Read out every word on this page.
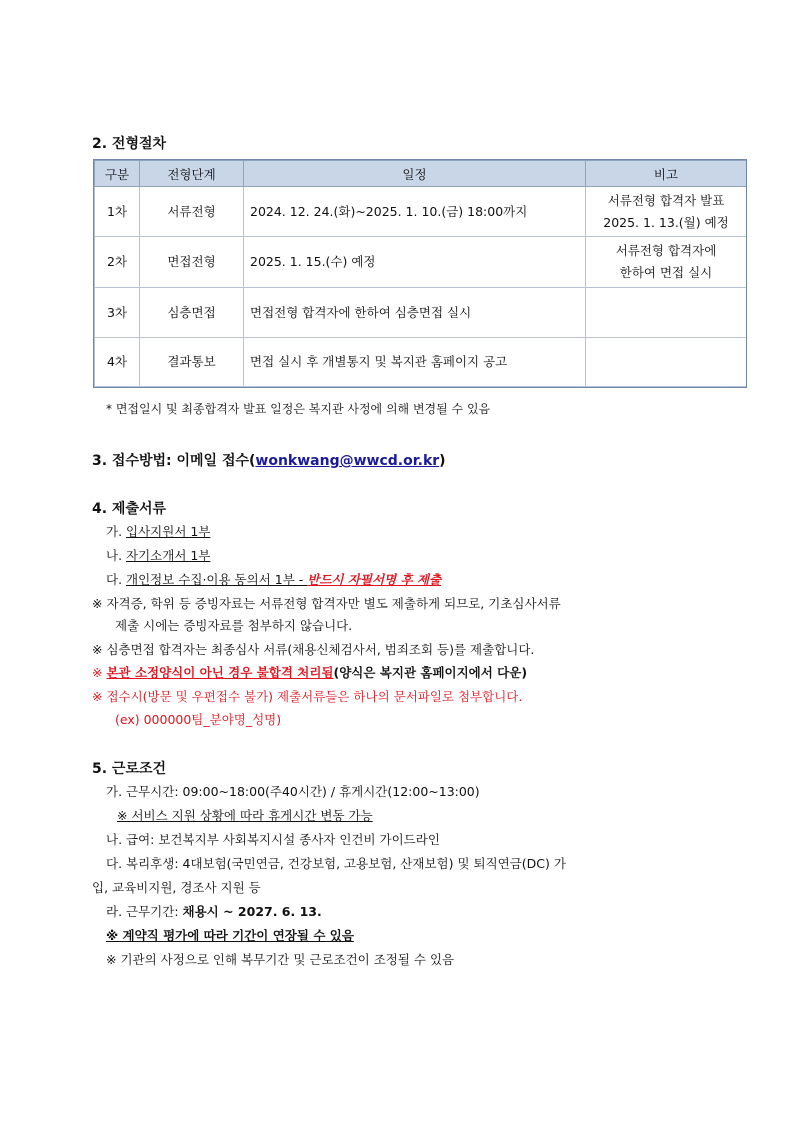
2. 전형절차
구분	전형단계	일정	비고
1차	서류전형	2024. 12. 24.(화)~2025. 1. 10.(금) 18:00까지	서류전형 합격자 발표
2025. 1. 13.(월) 예정

2차	면접전형	2025. 1. 15.(수) 예정	서류전형 합격자에
한하여 면접 실시

3차	심층면접	면접전형 합격자에 한하여 심층면접 실시	

4차	결과통보	면접 실시 후 개별통지 및 복지관 홈페이지 공고	
* 면접일시 및 최종합격자 발표 일정은 복지관 사정에 의해 변경될 수 있음
3. 접수방법: 이메일 접수(wonkwang@wwcd.or.kr)
4. 제출서류
가. 입사지원서 1부
나. 자기소개서 1부
다. 개인정보 수집·이용 동의서 1부 - 반드시 자필서명 후 제출
※ 자격증, 학위 등 증빙자료는 서류전형 합격자만 별도 제출하게 되므로, 기초심사서류
제출 시에는 증빙자료를 첨부하지 않습니다.
※ 심층면접 합격자는 최종심사 서류(채용신체검사서, 범죄조회 등)를 제출합니다.
※ 본관 소정양식이 아닌 경우 불합격 처리됨(양식은 복지관 홈페이지에서 다운)
※ 접수시(방문 및 우편접수 불가) 제출서류들은 하나의 문서파일로 첨부합니다.
(ex) 000000팀_분야명_성명)
5. 근로조건
가. 근무시간: 09:00~18:00(주40시간) / 휴게시간(12:00~13:00)
※ 서비스 지원 상황에 따라 휴게시간 변동 가능
나. 급여: 보건복지부 사회복지시설 종사자 인건비 가이드라인
다. 복리후생: 4대보험(국민연금, 건강보험, 고용보험, 산재보험) 및 퇴직연금(DC) 가
입, 교육비지원, 경조사 지원 등
라. 근무기간: 채용시 ~ 2027. 6. 13.
※ 계약직 평가에 따라 기간이 연장될 수 있음
※ 기관의 사정으로 인해 복무기간 및 근로조건이 조정될 수 있음
